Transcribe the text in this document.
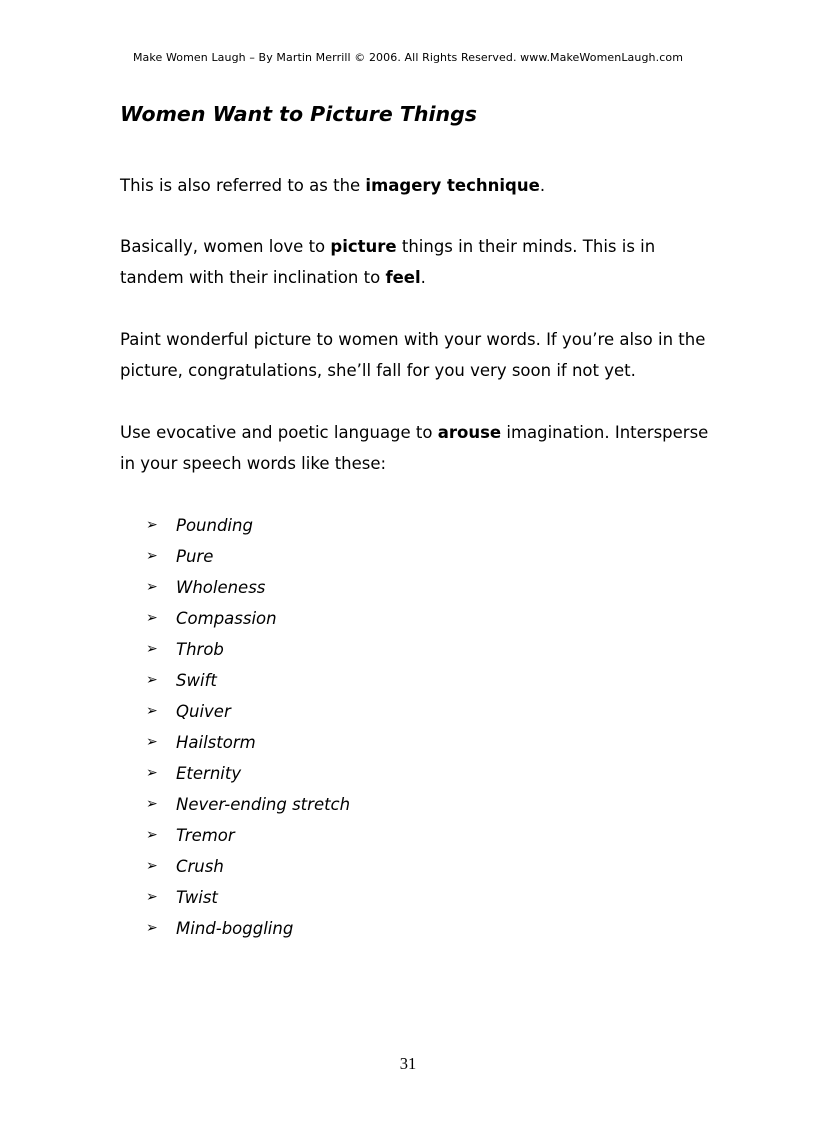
Make Women Laugh – By Martin Merrill © 2006. All Rights Reserved. www.MakeWomenLaugh.com
Women Want to Picture Things

This is also referred to as the imagery technique.

Basically, women love to picture things in their minds. This is in tandem with their inclination to feel.

Paint wonderful picture to women with your words. If you’re also in the picture, congratulations, she’ll fall for you very soon if not yet.

Use evocative and poetic language to arouse imagination. Intersperse in your speech words like these:

➢	Pounding
➢	Pure
➢	Wholeness
➢	Compassion
➢	Throb
➢	Swift
➢	Quiver
➢	Hailstorm
➢	Eternity
➢	Never-ending stretch
➢	Tremor
➢	Crush
➢	Twist
➢	Mind-boggling
31
